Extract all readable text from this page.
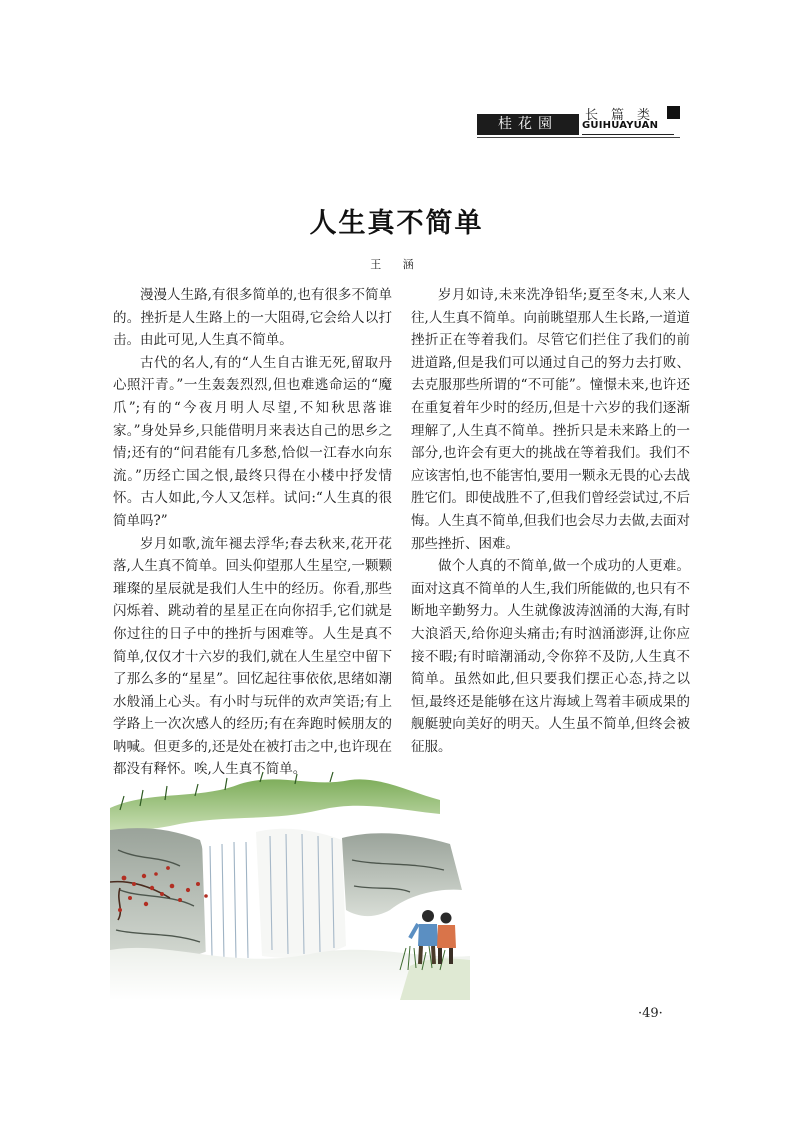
桂花園
长篇类
GUIHUAYUAN
人生真不简单
王 涵

漫漫人生路,有很多简单的,也有很多不简单的。挫折是人生路上的一大阻碍,它会给人以打击。由此可见,人生真不简单。

古代的名人,有的“人生自古谁无死,留取丹心照汗青。”一生轰轰烈烈,但也难逃命运的“魔爪”;有的“今夜月明人尽望,不知秋思落谁家。”身处异乡,只能借明月来表达自己的思乡之情;还有的“问君能有几多愁,恰似一江春水向东流。”历经亡国之恨,最终只得在小楼中抒发情怀。古人如此,今人又怎样。试问:“人生真的很简单吗?”

岁月如歌,流年褪去浮华;春去秋来,花开花落,人生真不简单。回头仰望那人生星空,一颗颗璀璨的星辰就是我们人生中的经历。你看,那些闪烁着、跳动着的星星正在向你招手,它们就是你过往的日子中的挫折与困难等。人生是真不简单,仅仅才十六岁的我们,就在人生星空中留下了那么多的“星星”。回忆起往事依依,思绪如潮水般涌上心头。有小时与玩伴的欢声笑语;有上学路上一次次感人的经历;有在奔跑时候朋友的呐喊。但更多的,还是处在被打击之中,也许现在都没有释怀。唉,人生真不简单。

岁月如诗,未来洗净铅华;夏至冬末,人来人往,人生真不简单。向前眺望那人生长路,一道道挫折正在等着我们。尽管它们拦住了我们的前进道路,但是我们可以通过自己的努力去打败、去克服那些所谓的“不可能”。憧憬未来,也许还在重复着年少时的经历,但是十六岁的我们逐渐理解了,人生真不简单。挫折只是未来路上的一部分,也许会有更大的挑战在等着我们。我们不应该害怕,也不能害怕,要用一颗永无畏的心去战胜它们。即使战胜不了,但我们曾经尝试过,不后悔。人生真不简单,但我们也会尽力去做,去面对那些挫折、困难。

做个人真的不简单,做一个成功的人更难。面对这真不简单的人生,我们所能做的,也只有不断地辛勤努力。人生就像波涛汹涌的大海,有时大浪滔天,给你迎头痛击;有时汹涌澎湃,让你应接不暇;有时暗潮涌动,令你猝不及防,人生真不简单。虽然如此,但只要我们摆正心态,持之以恒,最终还是能够在这片海域上驾着丰硕成果的舰艇驶向美好的明天。人生虽不简单,但终会被征服。

·49·
